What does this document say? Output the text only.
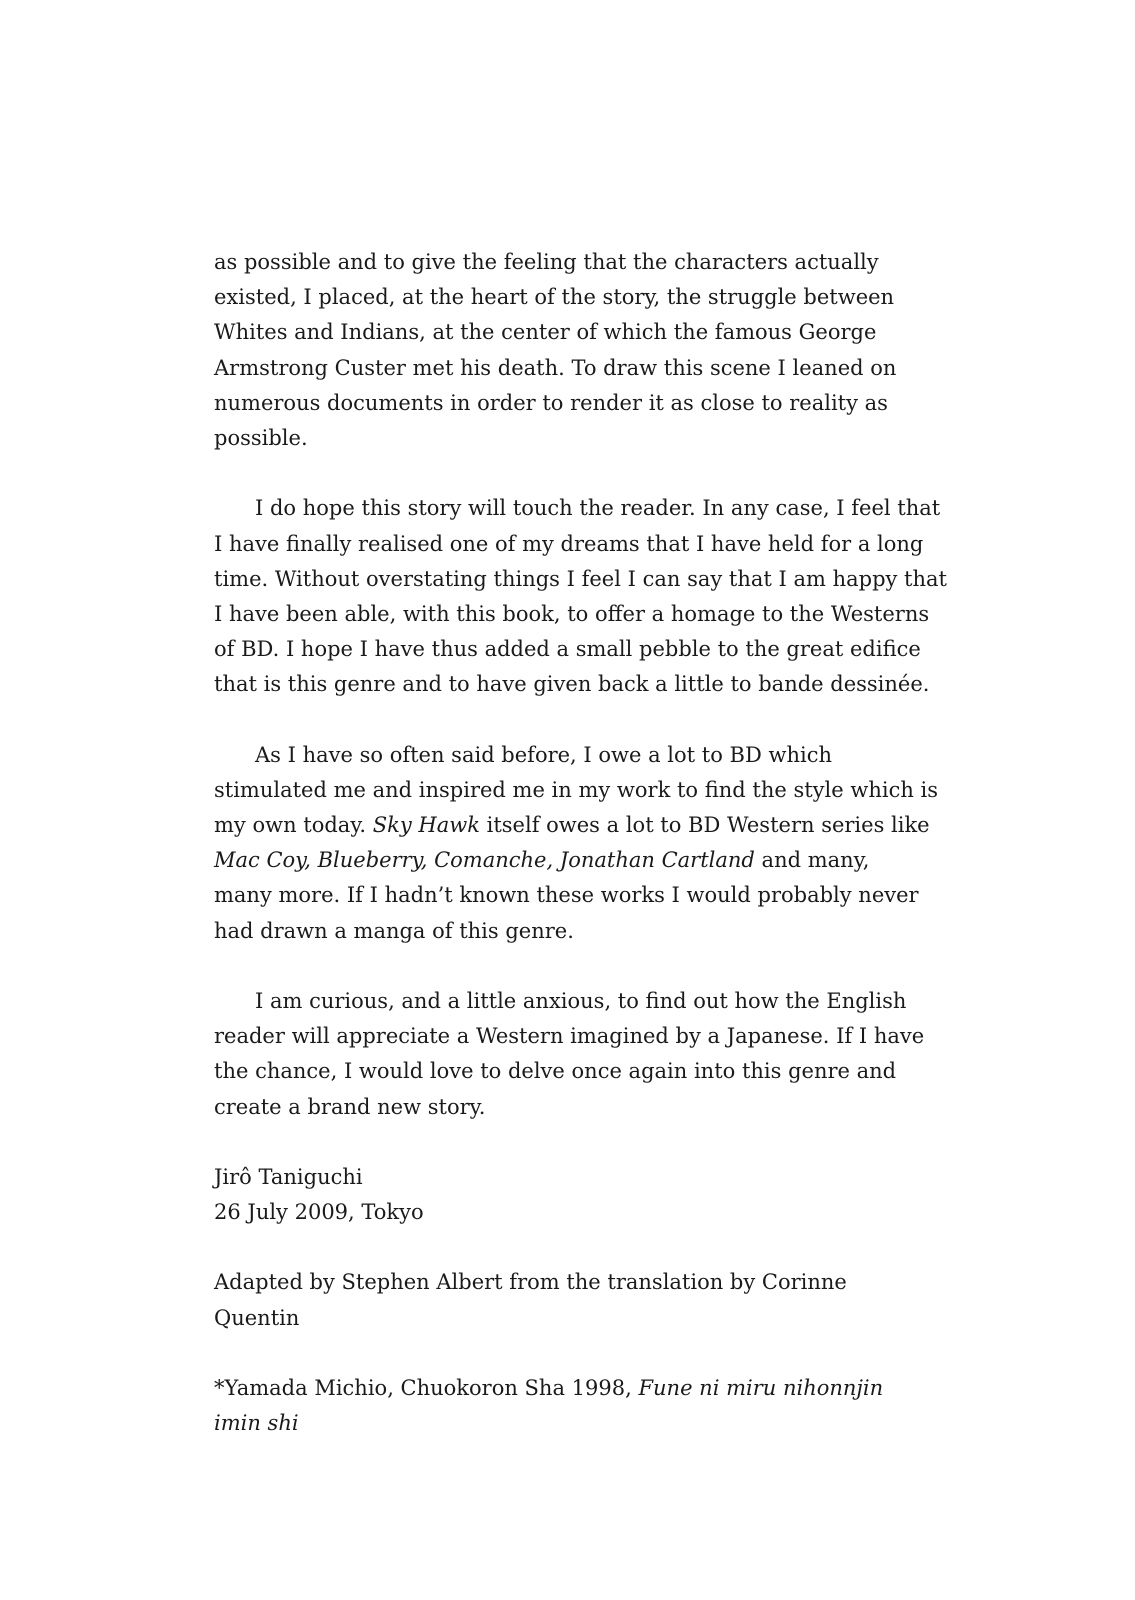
as possible and to give the feeling that the characters actually
existed, I placed, at the heart of the story, the struggle between
Whites and Indians, at the center of which the famous George
Armstrong Custer met his death. To draw this scene I leaned on
numerous documents in order to render it as close to reality as
possible.
I do hope this story will touch the reader. In any case, I feel that
I have finally realised one of my dreams that I have held for a long
time. Without overstating things I feel I can say that I am happy that
I have been able, with this book, to offer a homage to the Westerns
of BD. I hope I have thus added a small pebble to the great edifice
that is this genre and to have given back a little to bande dessinée.
As I have so often said before, I owe a lot to BD which
stimulated me and inspired me in my work to find the style which is
my own today. Sky Hawk itself owes a lot to BD Western series like
Mac Coy, Blueberry, Comanche, Jonathan Cartland and many,
many more. If I hadn’t known these works I would probably never
had drawn a manga of this genre.
I am curious, and a little anxious, to find out how the English
reader will appreciate a Western imagined by a Japanese. If I have
the chance, I would love to delve once again into this genre and
create a brand new story.
Jirô Taniguchi
26 July 2009, Tokyo
Adapted by Stephen Albert from the translation by Corinne
Quentin
*Yamada Michio, Chuokoron Sha 1998, Fune ni miru nihonnjin
imin shi
